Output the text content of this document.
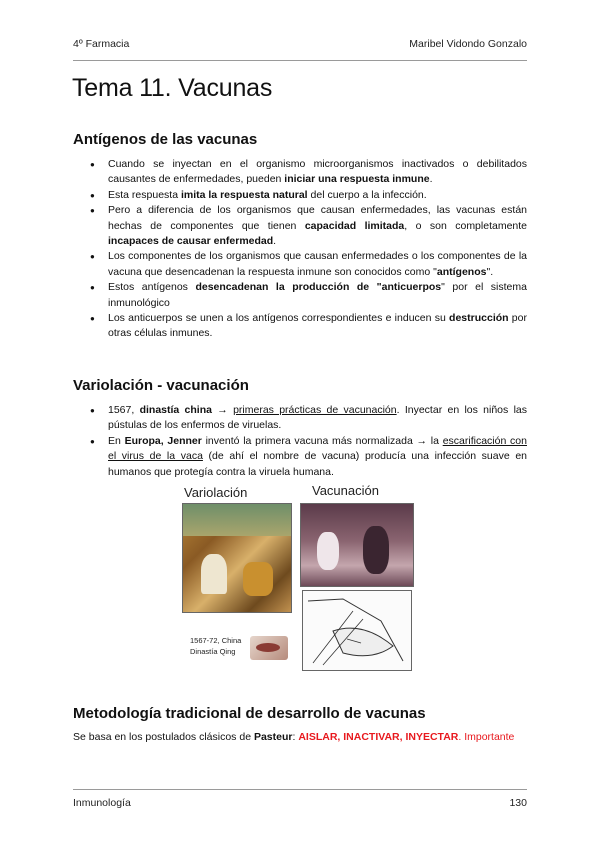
4º Farmacia	Maribel Vidondo Gonzalo
Tema 11. Vacunas
Antígenos de las vacunas
● Cuando se inyectan en el organismo microorganismos inactivados o debilitados causantes de enfermedades, pueden iniciar una respuesta inmune.
● Esta respuesta imita la respuesta natural del cuerpo a la infección.
● Pero a diferencia de los organismos que causan enfermedades, las vacunas están hechas de componentes que tienen capacidad limitada, o son completamente incapaces de causar enfermedad.
● Los componentes de los organismos que causan enfermedades o los componentes de la vacuna que desencadenan la respuesta inmune son conocidos como "antígenos".
● Estos antígenos desencadenan la producción de "anticuerpos" por el sistema inmunológico
● Los anticuerpos se unen a los antígenos correspondientes e inducen su destrucción por otras células inmunes.
Variolación - vacunación
● 1567, dinastía china → primeras prácticas de vacunación. Inyectar en los niños las pústulas de los enfermos de viruelas.
● En Europa, Jenner inventó la primera vacuna más normalizada → la escarificación con el virus de la vaca (de ahí el nombre de vacuna) producía una infección suave en humanos que protegía contra la viruela humana.
Variolación	Vacunación
1567-72, China
Dinastía Qing
Metodología tradicional de desarrollo de vacunas
Se basa en los postulados clásicos de Pasteur: AISLAR, INACTIVAR, INYECTAR. Importante
Inmunología	130
